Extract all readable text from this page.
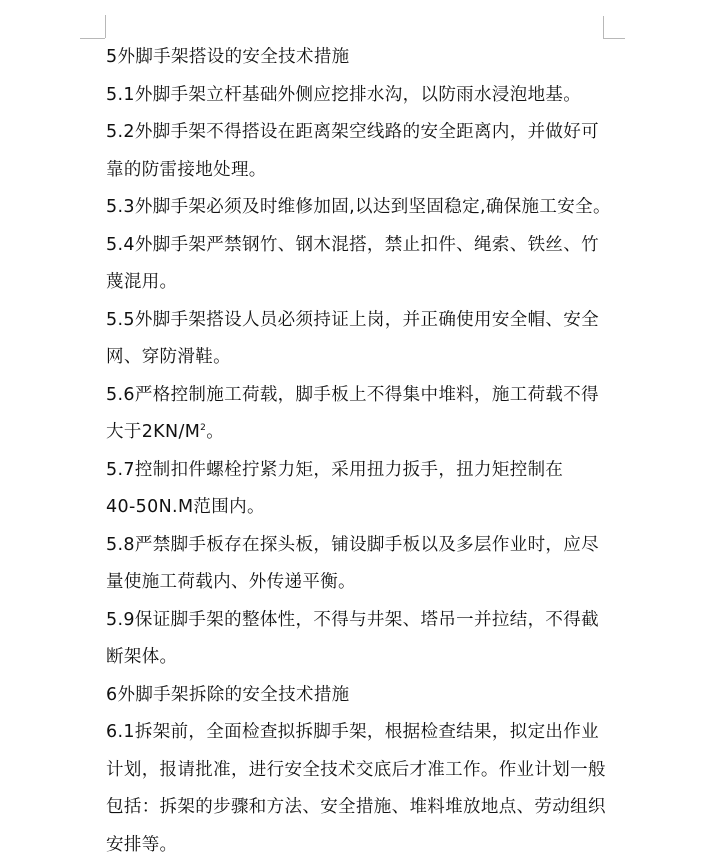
5外脚手架搭设的安全技术措施
5.1外脚手架立杆基础外侧应挖排水沟，以防雨水浸泡地基。
5.2外脚手架不得搭设在距离架空线路的安全距离内，并做好可
靠的防雷接地处理。
5.3外脚手架必须及时维修加固,以达到坚固稳定,确保施工安全。
5.4外脚手架严禁钢竹、钢木混搭，禁止扣件、绳索、铁丝、竹
蔑混用。
5.5外脚手架搭设人员必须持证上岗，并正确使用安全帽、安全
网、穿防滑鞋。
5.6严格控制施工荷载，脚手板上不得集中堆料，施工荷载不得
大于$2KN/M^2$。
5.7控制扣件螺栓拧紧力矩，采用扭力扳手，扭力矩控制在
40-50N.M范围内。
5.8严禁脚手板存在探头板，铺设脚手板以及多层作业时，应尽
量使施工荷载内、外传递平衡。
5.9保证脚手架的整体性，不得与井架、塔吊一并拉结，不得截
断架体。
6外脚手架拆除的安全技术措施
6.1拆架前，全面检查拟拆脚手架，根据检查结果，拟定出作业
计划，报请批准，进行安全技术交底后才准工作。作业计划一般
包括：拆架的步骤和方法、安全措施、堆料堆放地点、劳动组织
安排等。
